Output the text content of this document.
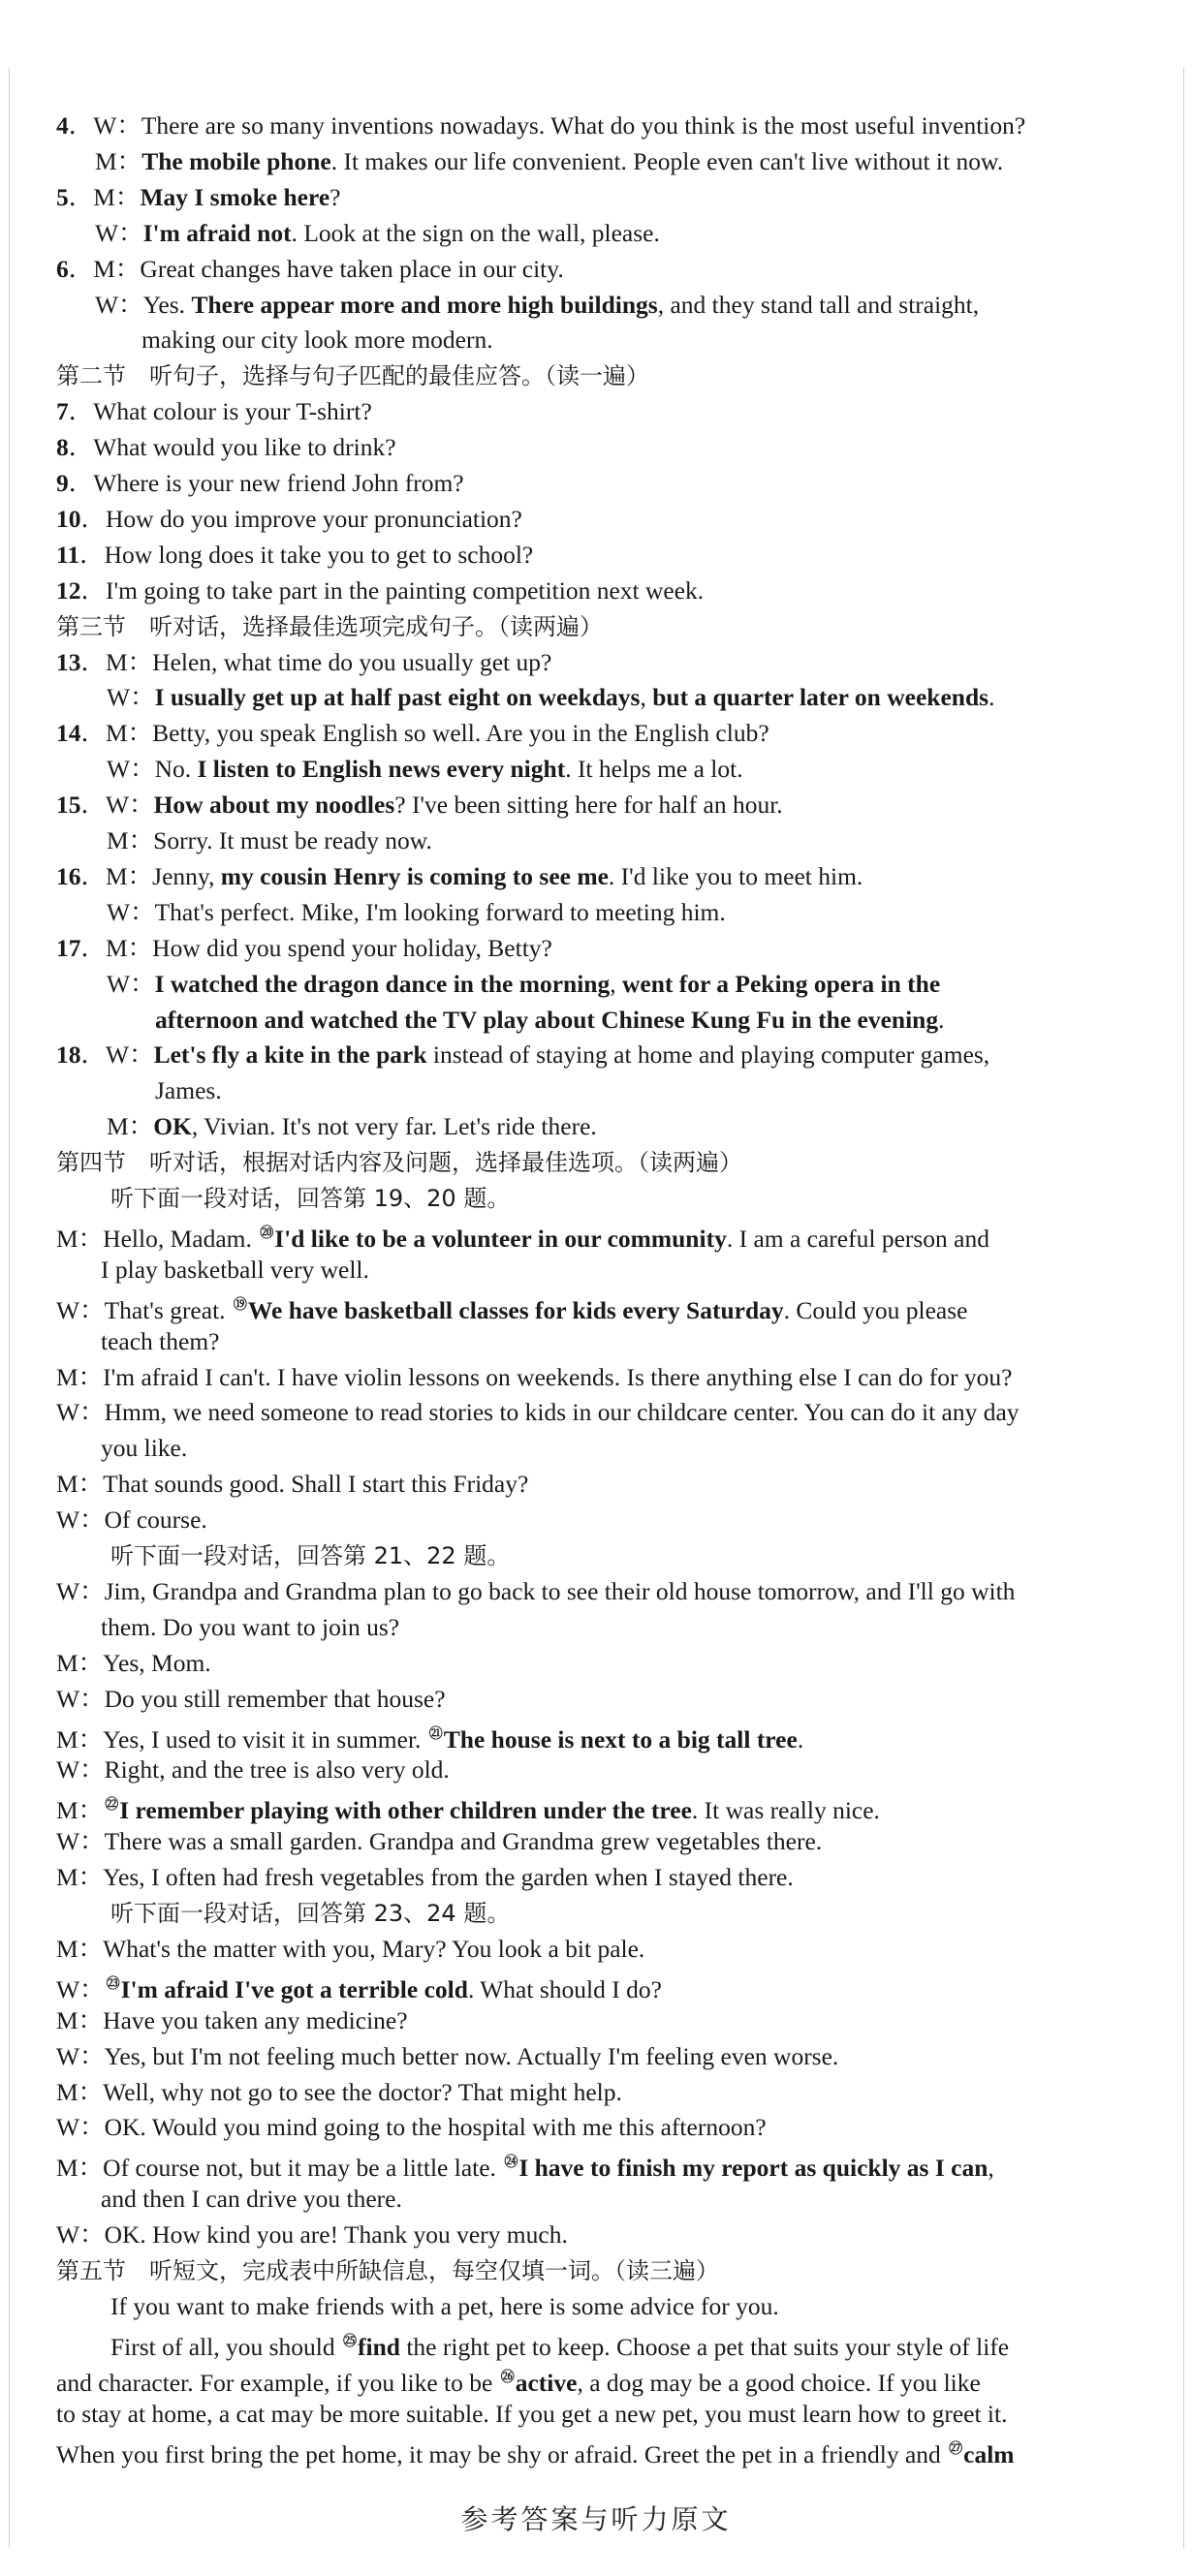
4．W：There are so many inventions nowadays. What do you think is the most useful invention?
M：The mobile phone. It makes our life convenient. People even can't live without it now.
5．M：May I smoke here?
W：I'm afraid not. Look at the sign on the wall, please.
6．M：Great changes have taken place in our city.
W：Yes. There appear more and more high buildings, and they stand tall and straight,
making our city look more modern.
第二节　听句子，选择与句子匹配的最佳应答。（读一遍）
7．What colour is your T-shirt?
8．What would you like to drink?
9．Where is your new friend John from?
10．How do you improve your pronunciation?
11．How long does it take you to get to school?
12．I'm going to take part in the painting competition next week.
第三节　听对话，选择最佳选项完成句子。（读两遍）
13．M：Helen, what time do you usually get up?
W：I usually get up at half past eight on weekdays, but a quarter later on weekends.
14．M：Betty, you speak English so well. Are you in the English club?
W：No. I listen to English news every night. It helps me a lot.
15．W：How about my noodles? I've been sitting here for half an hour.
M：Sorry. It must be ready now.
16．M：Jenny, my cousin Henry is coming to see me. I'd like you to meet him.
W：That's perfect. Mike, I'm looking forward to meeting him.
17．M：How did you spend your holiday, Betty?
W：I watched the dragon dance in the morning, went for a Peking opera in the
afternoon and watched the TV play about Chinese Kung Fu in the evening.
18．W：Let's fly a kite in the park instead of staying at home and playing computer games,
James.
M：OK, Vivian. It's not very far. Let's ride there.
第四节　听对话，根据对话内容及问题，选择最佳选项。（读两遍）
听下面一段对话，回答第 19、20 题。
M：Hello, Madam. ⑳I'd like to be a volunteer in our community. I am a careful person and
I play basketball very well.
W：That's great. ⑲We have basketball classes for kids every Saturday. Could you please
teach them?
M：I'm afraid I can't. I have violin lessons on weekends. Is there anything else I can do for you?
W：Hmm, we need someone to read stories to kids in our childcare center. You can do it any day
you like.
M：That sounds good. Shall I start this Friday?
W：Of course.
听下面一段对话，回答第 21、22 题。
W：Jim, Grandpa and Grandma plan to go back to see their old house tomorrow, and I'll go with
them. Do you want to join us?
M：Yes, Mom.
W：Do you still remember that house?
M：Yes, I used to visit it in summer. $^㉑$The house is next to a big tall tree.
W：Right, and the tree is also very old.
M： $^㉒$I remember playing with other children under the tree. It was really nice.
W：There was a small garden. Grandpa and Grandma grew vegetables there.
M：Yes, I often had fresh vegetables from the garden when I stayed there.
听下面一段对话，回答第 23、24 题。
M：What's the matter with you, Mary? You look a bit pale.
W： $^㉓$I'm afraid I've got a terrible cold. What should I do?
M：Have you taken any medicine?
W：Yes, but I'm not feeling much better now. Actually I'm feeling even worse.
M：Well, why not go to see the doctor? That might help.
W：OK. Would you mind going to the hospital with me this afternoon?
M：Of course not, but it may be a little late. $^㉔$I have to finish my report as quickly as I can,
and then I can drive you there.
W：OK. How kind you are! Thank you very much.
第五节　听短文，完成表中所缺信息，每空仅填一词。（读三遍）
If you want to make friends with a pet, here is some advice for you.
First of all, you should $^㉕$find the right pet to keep. Choose a pet that suits your style of life
and character. For example, if you like to be $^㉖$active, a dog may be a good choice. If you like
to stay at home, a cat may be more suitable. If you get a new pet, you must learn how to greet it.
When you first bring the pet home, it may be shy or afraid. Greet the pet in a friendly and $^㉗$calm
参考答案与听力原文
